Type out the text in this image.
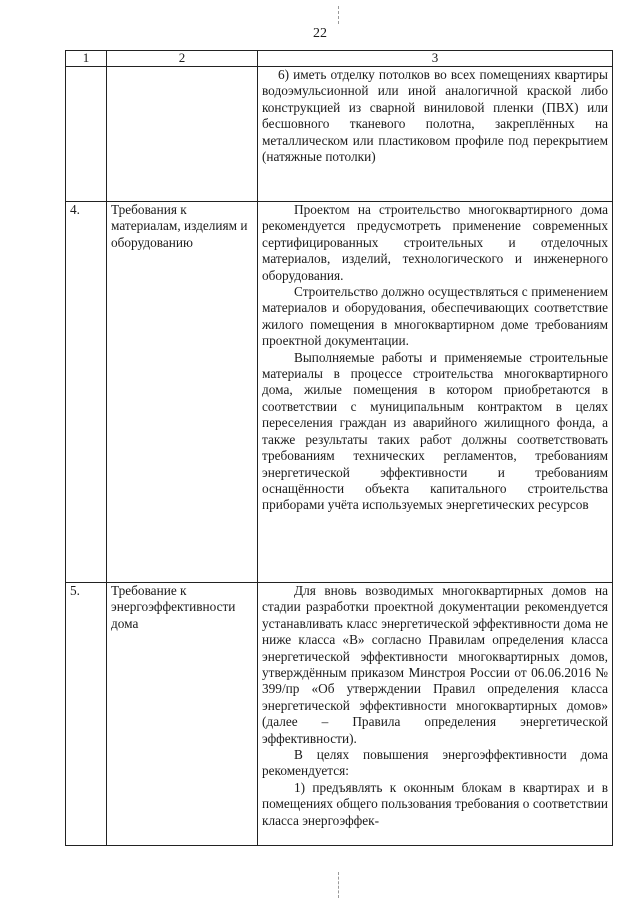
22
1	2	3

		6) иметь отделку потолков во всех помещениях квартиры водоэмульсионной или иной аналогичной краской либо конструкцией из сварной виниловой пленки (ПВХ) или бесшовного тканевого полотна, закреплённых на металлическом или пластиковом профиле под перекрытием (натяжные потолки)

4.	Требования к материалам, изделиям и оборудованию	Проектом на строительство многоквартирного дома рекомендуется предусмотреть применение современных сертифицированных строительных и отделочных материалов, изделий, технологического и инженерного оборудования.

Строительство должно осуществляться с применением материалов и оборудования, обеспечивающих соответствие жилого помещения в многоквартирном доме требованиям проектной документации.

Выполняемые работы и применяемые строительные материалы в процессе строительства многоквартирного дома, жилые помещения в котором приобретаются в соответствии с муниципальным контрактом в целях переселения граждан из аварийного жилищного фонда, а также результаты таких работ должны соответствовать требованиям технических регламентов, требованиям энергетической эффективности и требованиям оснащённости объекта капитального строительства приборами учёта используемых энергетических ресурсов

5.	Требование к энергоэффективности дома	Для вновь возводимых многоквартирных домов на стадии разработки проектной документации рекомендуется устанавливать класс энергетической эффективности дома не ниже класса «В» согласно Правилам определения класса энергетической эффективности многоквартирных домов, утверждённым приказом Минстроя России от 06.06.2016 № 399/пр «Об утверждении Правил определения класса энергетической эффективности многоквартирных домов» (далее – Правила определения энергетической эффективности).

В целях повышения энергоэффективности дома рекомендуется:

1) предъявлять к оконным блокам в квартирах и в помещениях общего пользования требования о соответствии класса энергоэффек-
